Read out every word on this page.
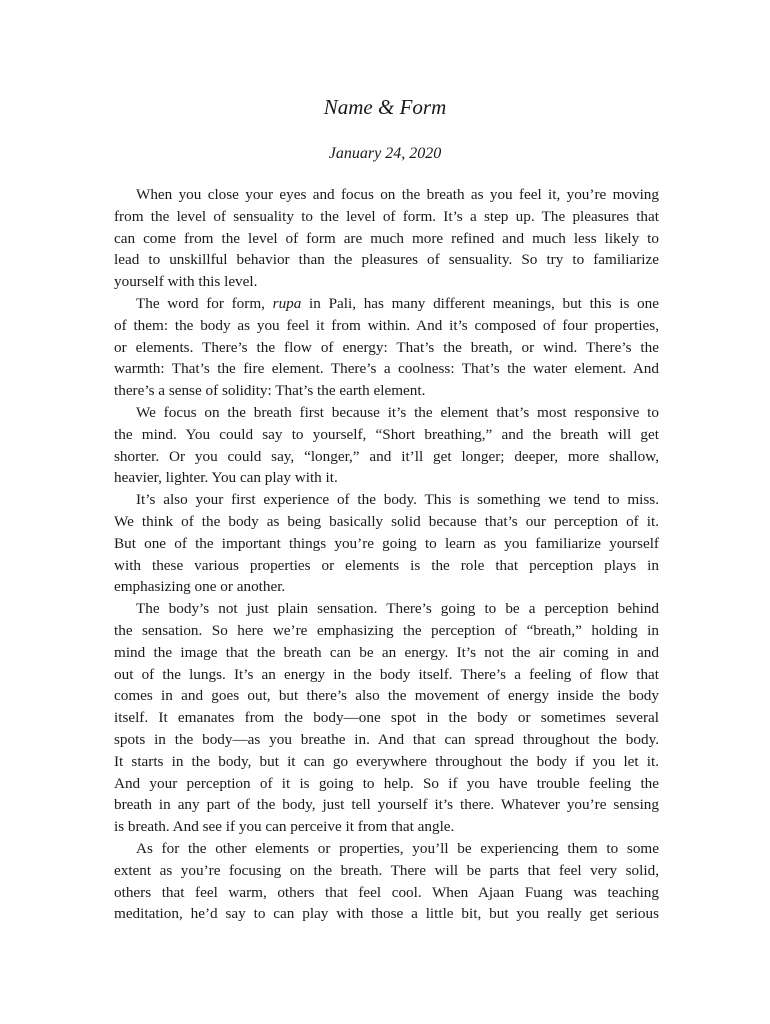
Name & Form
January 24, 2020

When you close your eyes and focus on the breath as you feel it, you’re moving
from the level of sensuality to the level of form. It’s a step up. The pleasures that
can come from the level of form are much more refined and much less likely to
lead to unskillful behavior than the pleasures of sensuality. So try to familiarize
yourself with this level.

The word for form, rupa in Pali, has many different meanings, but this is one
of them: the body as you feel it from within. And it’s composed of four properties,
or elements. There’s the flow of energy: That’s the breath, or wind. There’s the
warmth: That’s the fire element. There’s a coolness: That’s the water element. And
there’s a sense of solidity: That’s the earth element.

We focus on the breath first because it’s the element that’s most responsive to
the mind. You could say to yourself, “Short breathing,” and the breath will get
shorter. Or you could say, “longer,” and it’ll get longer; deeper, more shallow,
heavier, lighter. You can play with it.

It’s also your first experience of the body. This is something we tend to miss.
We think of the body as being basically solid because that’s our perception of it.
But one of the important things you’re going to learn as you familiarize yourself
with these various properties or elements is the role that perception plays in
emphasizing one or another.

The body’s not just plain sensation. There’s going to be a perception behind
the sensation. So here we’re emphasizing the perception of “breath,” holding in
mind the image that the breath can be an energy. It’s not the air coming in and
out of the lungs. It’s an energy in the body itself. There’s a feeling of flow that
comes in and goes out, but there’s also the movement of energy inside the body
itself. It emanates from the body—one spot in the body or sometimes several
spots in the body—as you breathe in. And that can spread throughout the body.
It starts in the body, but it can go everywhere throughout the body if you let it.
And your perception of it is going to help. So if you have trouble feeling the
breath in any part of the body, just tell yourself it’s there. Whatever you’re sensing
is breath. And see if you can perceive it from that angle.

As for the other elements or properties, you’ll be experiencing them to some
extent as you’re focusing on the breath. There will be parts that feel very solid,
others that feel warm, others that feel cool. When Ajaan Fuang was teaching
meditation, he’d say to can play with those a little bit, but you really get serious
